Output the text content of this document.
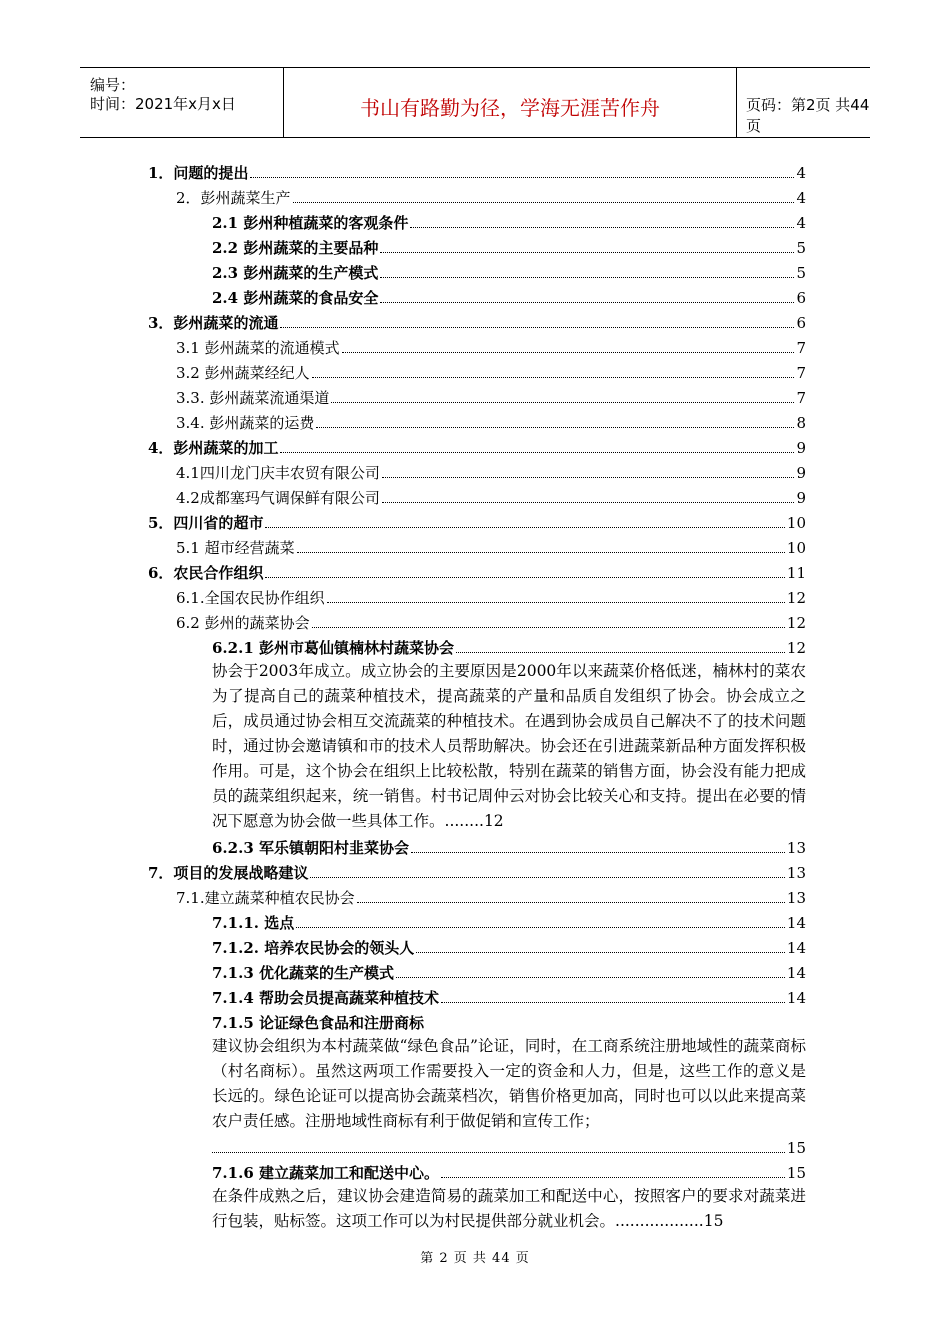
编号：
时间：2021年x月x日	书山有路勤为径，学海无涯苦作舟	页码：第2页 共44页
1．问题的提出	4
2．彭州蔬菜生产	4
2.1 彭州种植蔬菜的客观条件	4
2.2 彭州蔬菜的主要品种	5
2.3 彭州蔬菜的生产模式	5
2.4 彭州蔬菜的食品安全	6
3．彭州蔬菜的流通	6
3.1 彭州蔬菜的流通模式	7
3.2 彭州蔬菜经纪人	7
3.3. 彭州蔬菜流通渠道	7
3.4. 彭州蔬菜的运费	8
4．彭州蔬菜的加工	9
4.1四川龙门庆丰农贸有限公司	9
4.2成都塞玛气调保鲜有限公司	9
5．四川省的超市	10
5.1 超市经营蔬菜	10
6．农民合作组织	11
6.1.全国农民协作组织	12
6.2 彭州的蔬菜协会	12
6.2.1 彭州市葛仙镇楠林村蔬菜协会	12
协会于2003年成立。成立协会的主要原因是2000年以来蔬菜价格低迷，楠林村的菜农为了提高自己的蔬菜种植技术，提高蔬菜的产量和品质自发组织了协会。协会成立之后，成员通过协会相互交流蔬菜的种植技术。在遇到协会成员自己解决不了的技术问题时，通过协会邀请镇和市的技术人员帮助解决。协会还在引进蔬菜新品种方面发挥积极作用。可是，这个协会在组织上比较松散，特别在蔬菜的销售方面，协会没有能力把成员的蔬菜组织起来，统一销售。村书记周仲云对协会比较关心和支持。提出在必要的情况下愿意为协会做一些具体工作。........12
6.2.3 军乐镇朝阳村韭菜协会	13
7．项目的发展战略建议	13
7.1.建立蔬菜种植农民协会	13
7.1.1. 选点	14
7.1.2. 培养农民协会的领头人	14
7.1.3 优化蔬菜的生产模式	14
7.1.4 帮助会员提高蔬菜种植技术	14
7.1.5 论证绿色食品和注册商标
建议协会组织为本村蔬菜做“绿色食品”论证，同时，在工商系统注册地域性的蔬菜商标（村名商标）。虽然这两项工作需要投入一定的资金和人力，但是，这些工作的意义是长远的。绿色论证可以提高协会蔬菜档次，销售价格更加高，同时也可以以此来提高菜农户责任感。注册地域性商标有利于做促销和宣传工作；
15
7.1.6 建立蔬菜加工和配送中心。	15
在条件成熟之后，建议协会建造简易的蔬菜加工和配送中心，按照客户的要求对蔬菜进行包装，贴标签。这项工作可以为村民提供部分就业机会。..................15
第 2 页 共 44 页
